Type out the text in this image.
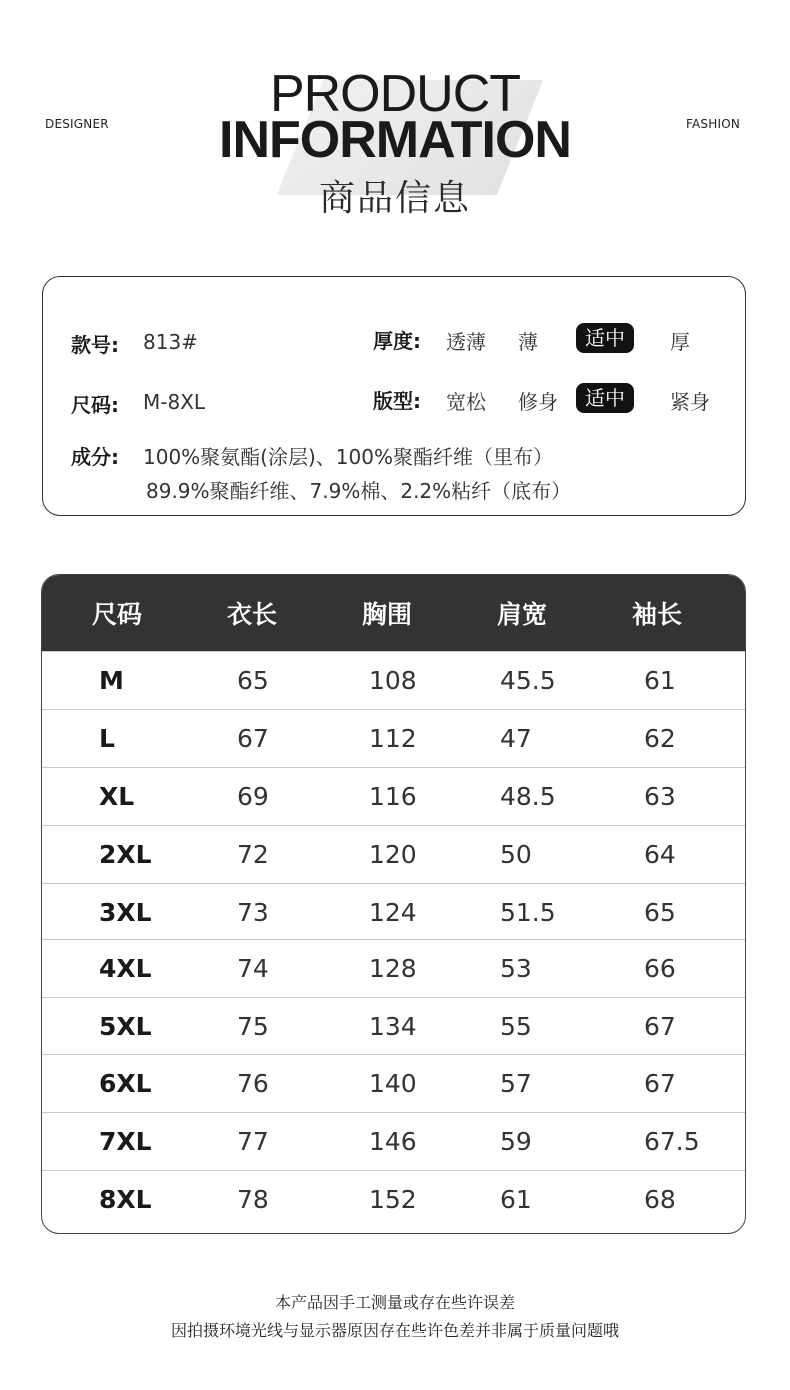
DESIGNER	FASHION
PRODUCT
INFORMATION
商品信息
款号: 813#	厚度: 透薄 薄	适中	厚
尺码: M-8XL	版型: 宽松 修身	适中	紧身
成分: 100%聚氨酯(涂层)、100%聚酯纤维（里布）
89.9%聚酯纤维、7.9%棉、2.2%粘纤（底布）
尺码	衣长	胸围	肩宽	袖长
M	65	108	45.5	61
L	67	112	47	62
XL	69	116	48.5	63
2XL	72	120	50	64
3XL	73	124	51.5	65
4XL	74	128	53	66
5XL	75	134	55	67
6XL	76	140	57	67
7XL	77	146	59	67.5
8XL	78	152	61	68
本产品因手工测量或存在些许误差
因拍摄环境光线与显示器原因存在些许色差并非属于质量问题哦
